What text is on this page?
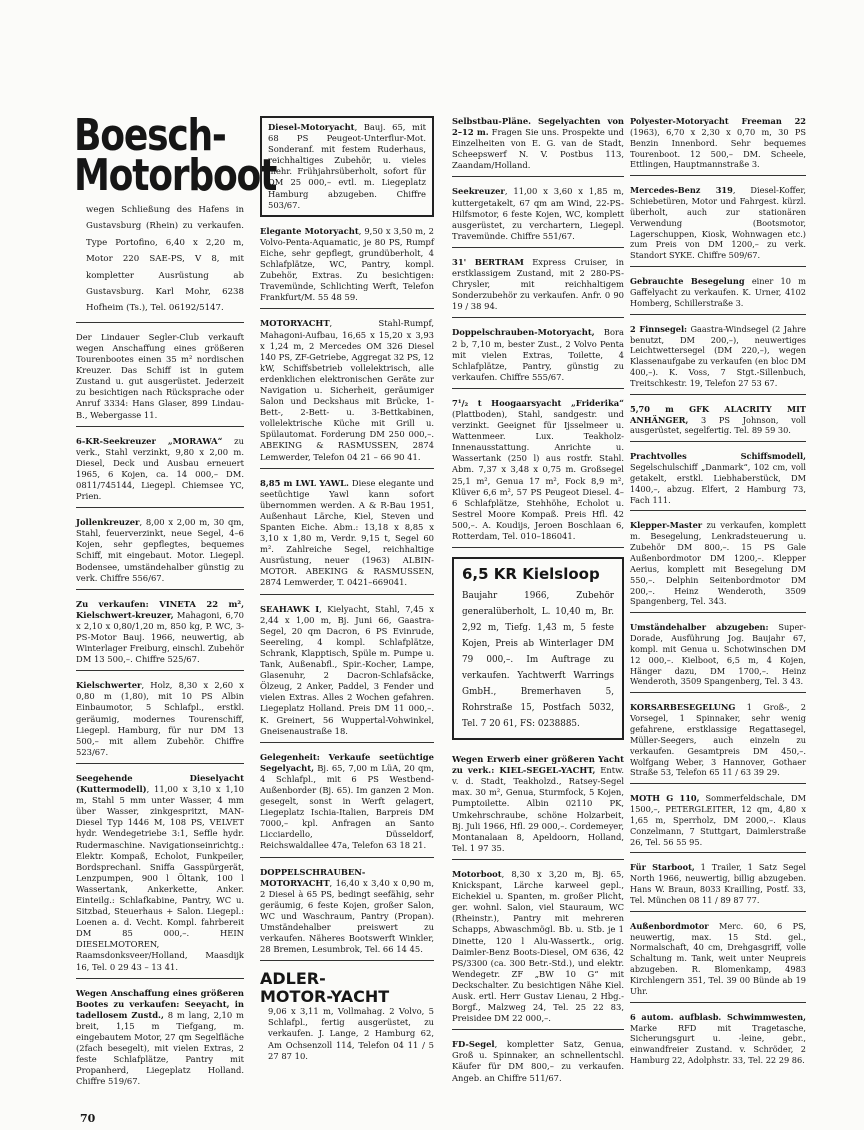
Boesch-
Motorboot
wegen Schließung des Hafens in Gustavsburg (Rhein) zu verkaufen. Type Portofino, 6,40 x 2,20 m, Motor 220 SAE-PS, V 8, mit kompletter Ausrüstung ab Gustavsburg. Karl Mohr, 6238 Hofheim (Ts.), Tel. 06192/5147.
Der Lindauer Segler-Club verkauft wegen Anschaffung eines größeren Tourenbootes einen 35 m² nordischen Kreuzer. Das Schiff ist in gutem Zustand u. gut ausgerüstet. Jederzeit zu besichtigen nach Rücksprache oder Anruf 3334: Hans Glaser, 899 Lindau-B., Webergasse 11.
6-KR-Seekreuzer „MORAWA“ zu verk., Stahl verzinkt, 9,80 x 2,00 m. Diesel, Deck und Ausbau erneuert 1965, 6 Kojen, ca. 14 000,– DM. 0811/745144, Liegepl. Chiemsee YC, Prien.
Jollenkreuzer, 8,00 x 2,00 m, 30 qm, Stahl, feuerverzinkt, neue Segel, 4–6 Kojen, sehr gepflegtes, bequemes Schiff, mit eingebaut. Motor. Liegepl. Bodensee, umständehalber günstig zu verk. Chiffre 556/67.
Zu verkaufen: VINETA 22 m², Kielschwert-kreuzer, Mahagoni, 6,70 x 2,10 x 0,80/1,20 m, 850 kg, P. WC, 3-PS-Motor Bauj. 1966, neuwertig, ab Winterlager Freiburg, einschl. Zubehör DM 13 500,–. Chiffre 525/67.
Kielschwerter, Holz, 8,30 x 2,60 x 0,80 m (1,80), mit 10 PS Albin Einbaumotor, 5 Schlafpl., erstkl. geräumig, modernes Tourenschiff, Liegepl. Hamburg, für nur DM 13 500,– mit allem Zubehör. Chiffre 523/67.
Seegehende Dieselyacht (Kuttermodell), 11,00 x 3,10 x 1,10 m, Stahl 5 mm unter Wasser, 4 mm über Wasser, zinkgespritzt, MAN-Diesel Typ 1446 M, 108 PS, VELVET hydr. Wendegetriebe 3:1, Seffle hydr. Rudermaschine. Navigationseinrichtg.: Elektr. Kompaß, Echolot, Funkpeiler, Bordsprechanl. Sniffa Gasspürgerät, Lenzpumpen, 900 l Öltank, 100 l Wassertank, Ankerkette, Anker. Einteilg.: Schlafkabine, Pantry, WC u. Sitzbad, Steuerhaus + Salon. Liegepl.: Loenen a. d. Vecht. Kompl. fahrbereit DM 85 000,–. HEIN DIESELMOTOREN, Raamsdonksveer/Holland, Maasdijk 16, Tel. 0 29 43 – 13 41.
Wegen Anschaffung eines größeren Bootes zu verkaufen: Seeyacht, in tadellosem Zustd., 8 m lang, 2,10 m breit, 1,15 m Tiefgang, m. eingebautem Motor, 27 qm Segelfläche (2fach besegelt), mit vielen Extras, 2 feste Schlafplätze, Pantry mit Propanherd, Liegeplatz Holland. Chiffre 519/67.
Diesel-Motoryacht, Bauj. 65, mit 68 PS Peugeot-Unterflur-Mot. Sonderanf. mit festem Ruderhaus, reichhaltiges Zubehör, u. vieles mehr. Frühjahrsüberholt, sofort für DM 25 000,– evtl. m. Liegeplatz Hamburg abzugeben. Chiffre 503/67.
Elegante Motoryacht, 9,50 x 3,50 m, 2 Volvo-Penta-Aquamatic, je 80 PS, Rumpf Eiche, sehr gepflegt, grundüberholt, 4 Schlafplätze, WC, Pantry, kompl. Zubehör, Extras. Zu besichtigen: Travemünde, Schlichting Werft, Telefon Frankfurt/M. 55 48 59.
MOTORYACHT, Stahl-Rumpf, Mahagoni-Aufbau, 16,65 x 15,20 x 3,93 x 1,24 m, 2 Mercedes OM 326 Diesel 140 PS, ZF-Getriebe, Aggregat 32 PS, 12 kW, Schiffsbetrieb vollelektrisch, alle erdenklichen elektronischen Geräte zur Navigation u. Sicherheit, geräumiger Salon und Deckshaus mit Brücke, 1-Bett-, 2-Bett- u. 3-Bettkabinen, vollelektrische Küche mit Grill u. Spülautomat. Forderung DM 250 000,–. ABEKING & RASMUSSEN, 2874 Lemwerder, Telefon 04 21 – 66 90 41.
8,85 m LWL YAWL. Diese elegante und seetüchtige Yawl kann sofort übernommen werden. A & R-Bau 1951, Außenhaut Lärche, Kiel, Steven und Spanten Eiche. Abm.: 13,18 x 8,85 x 3,10 x 1,80 m, Verdr. 9,15 t, Segel 60 m². Zahlreiche Segel, reichhaltige Ausrüstung, neuer (1963) ALBIN-MOTOR. ABEKING & RASMUSSEN, 2874 Lemwerder, T. 0421–669041.
SEAHAWK I, Kielyacht, Stahl, 7,45 x 2,44 x 1,00 m, Bj. Juni 66, Gaastra-Segel, 20 qm Dacron, 6 PS Evinrude, Seereling, 4 kompl. Schlafplätze, Schrank, Klapptisch, Spüle m. Pumpe u. Tank, Außenabfl., Spir.-Kocher, Lampe, Glasenuhr, 2 Dacron-Schlafsäcke, Ölzeug, 2 Anker, Paddel, 3 Fender und vielen Extras. Alles 2 Wochen gefahren. Liegeplatz Holland. Preis DM 11 000,–. K. Greinert, 56 Wuppertal-Vohwinkel, Gneisenaustraße 18.
Gelegenheit: Verkaufe seetüchtige Segelyacht, Bj. 65, 7,00 m LüA, 20 qm, 4 Schlafpl., mit 6 PS Westbend-Außenborder (Bj. 65). Im ganzen 2 Mon. gesegelt, sonst in Werft gelagert, Liegeplatz Ischia-Italien, Barpreis DM 7000,– kpl. Anfragen an Santo Licciardello, Düsseldorf, Reichswaldallee 47a, Telefon 63 18 21.
DOPPELSCHRAUBEN-MOTORYACHT, 16,40 x 3,40 x 0,90 m, 2 Diesel à 65 PS, bedingt seefähig, sehr geräumig, 6 feste Kojen, großer Salon, WC und Waschraum, Pantry (Propan). Umständehalber preiswert zu verkaufen. Näheres Bootswerft Winkler, 28 Bremen, Lesumbrok, Tel. 66 14 45.
ADLER-
MOTOR-YACHT
9,06 x 3,11 m, Vollmahag. 2 Volvo, 5 Schlafpl., fertig ausgerüstet, zu verkaufen. J. Lange, 2 Hamburg 62, Am Ochsenzoll 114, Telefon 04 11 / 5 27 87 10.
Selbstbau-Pläne. Segelyachten von 2–12 m. Fragen Sie uns. Prospekte und Einzelheiten von E. G. van de Stadt, Scheepswerf N. V. Postbus 113, Zaandam/Holland.
Seekreuzer, 11,00 x 3,60 x 1,85 m, kuttergetakelt, 67 qm am Wind, 22-PS-Hilfsmotor, 6 feste Kojen, WC, komplett ausgerüstet, zu verchartern, Liegepl. Travemünde. Chiffre 551/67.
31' BERTRAM Express Cruiser, in erstklassigem Zustand, mit 2 280-PS-Chrysler, mit reichhaltigem Sonderzubehör zu verkaufen. Anfr. 0 90 19 / 38 94.
Doppelschrauben-Motoryacht, Bora 2 b, 7,10 m, bester Zust., 2 Volvo Penta mit vielen Extras, Toilette, 4 Schlafplätze, Pantry, günstig zu verkaufen. Chiffre 555/67.
7¹/₂ t Hoogaarsyacht „Friderika“ (Plattboden), Stahl, sandgestr. und verzinkt. Geeignet für Ijsselmeer u. Wattenmeer. Lux. Teakholz-Innenausstattung. Anrichte u. Wassertank (250 l) aus rostfr. Stahl. Abm. 7,37 x 3,48 x 0,75 m. Großsegel 25,1 m², Genua 17 m², Fock 8,9 m², Klüver 6,6 m², 57 PS Peugeot Diesel. 4–6 Schlafplätze, Stehhöhe, Echolot u. Sestrel Moore Kompaß. Preis Hfl. 42 500,–. A. Koudijs, Jeroen Boschlaan 6, Rotterdam, Tel. 010–186041.
6,5 KR Kielsloop
Baujahr 1966, Zubehör generalüberholt, L. 10,40 m, Br. 2,92 m, Tiefg. 1,43 m, 5 feste Kojen, Preis ab Winterlager DM 79 000,–. Im Auftrage zu verkaufen. Yachtwerft Warrings GmbH., Bremerhaven 5, Rohrstraße 15, Postfach 5032, Tel. 7 20 61, FS: 0238885.
Wegen Erwerb einer größeren Yacht zu verk.: KIEL-SEGEL-YACHT, Entw. v. d. Stadt, Teakholzd., Ratsey-Segel max. 30 m², Genua, Sturmfock, 5 Kojen, Pumptoilette. Albin 02110 PK, Umkehrschraube, schöne Holzarbeit, Bj. Juli 1966, Hfl. 29 000,–. Cordemeyer, Montanalaan 8, Apeldoorn, Holland, Tel. 1 97 35.
Motorboot, 8,30 x 3,20 m, Bj. 65, Knickspant, Lärche karweel gepl., Eichekiel u. Spanten, m. großer Plicht, ger. wohnl. Salon, viel Stauraum, WC (Rheinstr.), Pantry mit mehreren Schapps, Abwaschmögl. Bb. u. Stb. je 1 Dinette, 120 l Alu-Wassertk., orig. Daimler-Benz Boots-Diesel, OM 636, 42 PS/3300 (ca. 300 Betr.-Std.), und elektr. Wendegetr. ZF „BW 10 G“ mit Deckschalter. Zu besichtigen Nähe Kiel. Ausk. ertl. Herr Gustav Lienau, 2 Hbg.-Borgf., Malzweg 24, Tel. 25 22 83, Preisidee DM 22 000,–.
FD-Segel, kompletter Satz, Genua, Groß u. Spinnaker, an schnellentschl. Käufer für DM 800,– zu verkaufen. Angeb. an Chiffre 511/67.
Polyester-Motoryacht Freeman 22 (1963), 6,70 x 2,30 x 0,70 m, 30 PS Benzin Innenbord. Sehr bequemes Tourenboot. 12 500,– DM. Scheele, Ettlingen, Hauptmannstraße 3.
Mercedes-Benz 319, Diesel-Koffer, Schiebetüren, Motor und Fahrgest. kürzl. überholt, auch zur stationären Verwendung (Bootsmotor, Lagerschuppen, Kiosk, Wohnwagen etc.) zum Preis von DM 1200,– zu verk. Standort SYKE. Chiffre 509/67.
Gebrauchte Besegelung einer 10 m Gaffelyacht zu verkaufen. K. Urner, 4102 Homberg, Schillerstraße 3.
2 Finnsegel: Gaastra-Windsegel (2 Jahre benutzt, DM 200,–), neuwertiges Leichtwettersegel (DM 220,–), wegen Klassenaufgabe zu verkaufen (en bloc DM 400,–). K. Voss, 7 Stgt.-Sillenbuch, Treitschkestr. 19, Telefon 27 53 67.
5,70 m GFK ALACRITY MIT ANHÄNGER, 3 PS Johnson, voll ausgerüstet, segelfertig. Tel. 89 59 30.
Prachtvolles Schiffsmodell, Segelschulschiff „Danmark“, 102 cm, voll getakelt, erstkl. Liebhaberstück, DM 1400,–, abzug. Elfert, 2 Hamburg 73, Fach 111.
Klepper-Master zu verkaufen, komplett m. Besegelung, Lenkradsteuerung u. Zubehör DM 800,–. 15 PS Gale Außenbordmotor DM 1200,–. Klepper Aerius, komplett mit Besegelung DM 550,–. Delphin Seitenbordmotor DM 200,–. Heinz Wenderoth, 3509 Spangenberg, Tel. 343.
Umständehalber abzugeben: Super-Dorade, Ausführung Jog. Baujahr 67, kompl. mit Genua u. Schotwinschen DM 12 000,–. Kielboot, 6,5 m, 4 Kojen, Hänger dazu, DM 1700,–. Heinz Wenderoth, 3509 Spangenberg, Tel. 3 43.
KORSARBESEGELUNG 1 Groß-, 2 Vorsegel, 1 Spinnaker, sehr wenig gefahrene, erstklassige Regattasegel, Müller-Seegers, auch einzeln zu verkaufen. Gesamtpreis DM 450,–. Wolfgang Weber, 3 Hannover, Gothaer Straße 53, Telefon 65 11 / 63 39 29.
MOTH G 110, Sommerfeldschale, DM 1500,–, PETERGLEITER, 12 qm, 4,80 x 1,65 m, Sperrholz, DM 2000,–. Klaus Conzelmann, 7 Stuttgart, Daimlerstraße 26, Tel. 56 55 95.
Für Starboot, 1 Trailer, 1 Satz Segel North 1966, neuwertig, billig abzugeben. Hans W. Braun, 8033 Krailling, Postf. 33, Tel. München 08 11 / 89 87 77.
Außenbordmotor Merc. 60, 6 PS, neuwertig, max. 15 Std. gel., Normalschaft, 40 cm, Drehgasgriff, volle Schaltung m. Tank, weit unter Neupreis abzugeben. R. Blomenkamp, 4983 Kirchlengern 351, Tel. 39 00 Bünde ab 19 Uhr.
6 autom. aufblasb. Schwimmwesten, Marke RFD mit Tragetasche, Sicherungsgurt u. -leine, gebr., einwandfreier Zustand. v. Schröder, 2 Hamburg 22, Adolphstr. 33, Tel. 22 29 86.
70
